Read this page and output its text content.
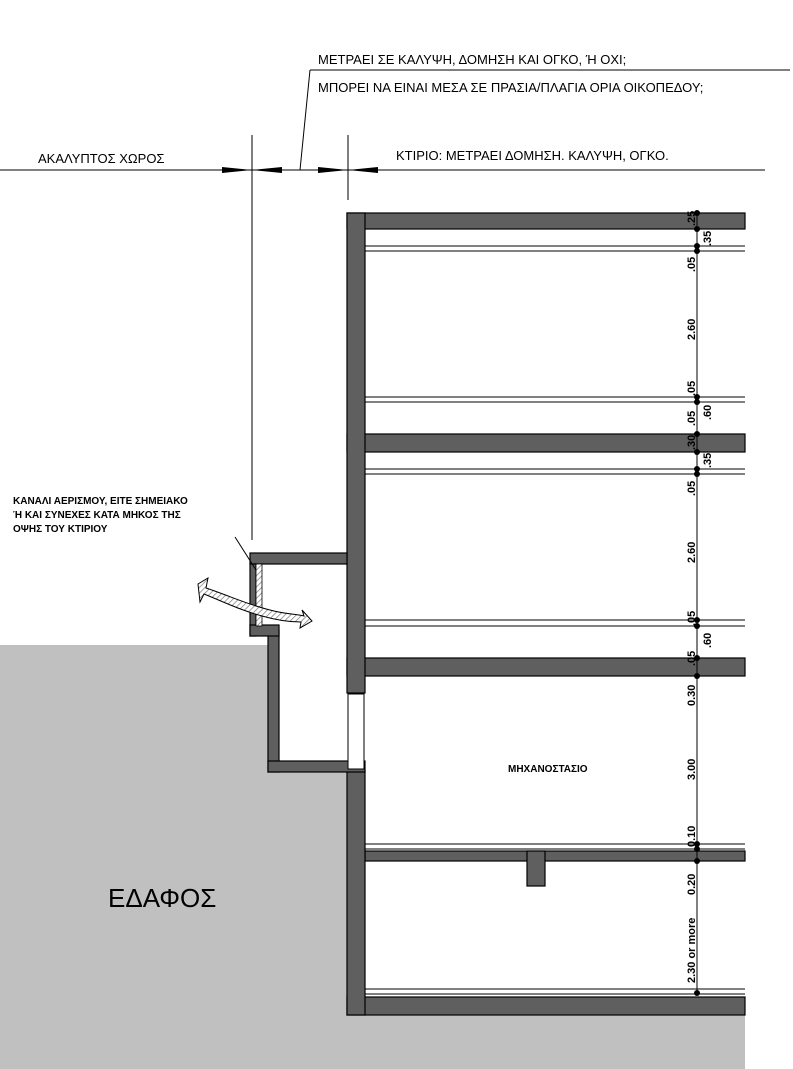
.25
.35
.05
2.60
.05
.05 .60
.30
.35
.05
2.60
.05
.05
.60
0.30
3.00
0.10
0.20
2.30 or more
ΜΕΤΡΑΕΙ ΣΕ ΚΑΛΥΨΗ, ΔΟΜΗΣΗ ΚΑΙ ΟΓΚΟ, Ή ΟΧΙ;
ΜΠΟΡΕΙ ΝΑ ΕΙΝΑΙ ΜΕΣΑ ΣΕ ΠΡΑΣΙΑ/ΠΛΑΓΙΑ ΟΡΙΑ ΟΙΚΟΠΕΔΟΥ;
ΑΚΑΛΥΠΤΟΣ ΧΩΡΟΣ	ΚΤΙΡΙΟ: ΜΕΤΡΑΕΙ ΔΟΜΗΣΗ. ΚΑΛΥΨΗ, ΟΓΚΟ.
ΚΑΝΑΛΙ ΑΕΡΙΣΜΟΥ, ΕΙΤΕ ΣΗΜΕΙΑΚΟ
Ή ΚΑΙ ΣΥΝΕΧΕΣ ΚΑΤΑ ΜΗΚΟΣ ΤΗΣ
ΟΨΗΣ ΤΟΥ ΚΤΙΡΙΟΥ
ΜΗΧΑΝΟΣΤΑΣΙΟ
ΕΔΑΦΟΣ
